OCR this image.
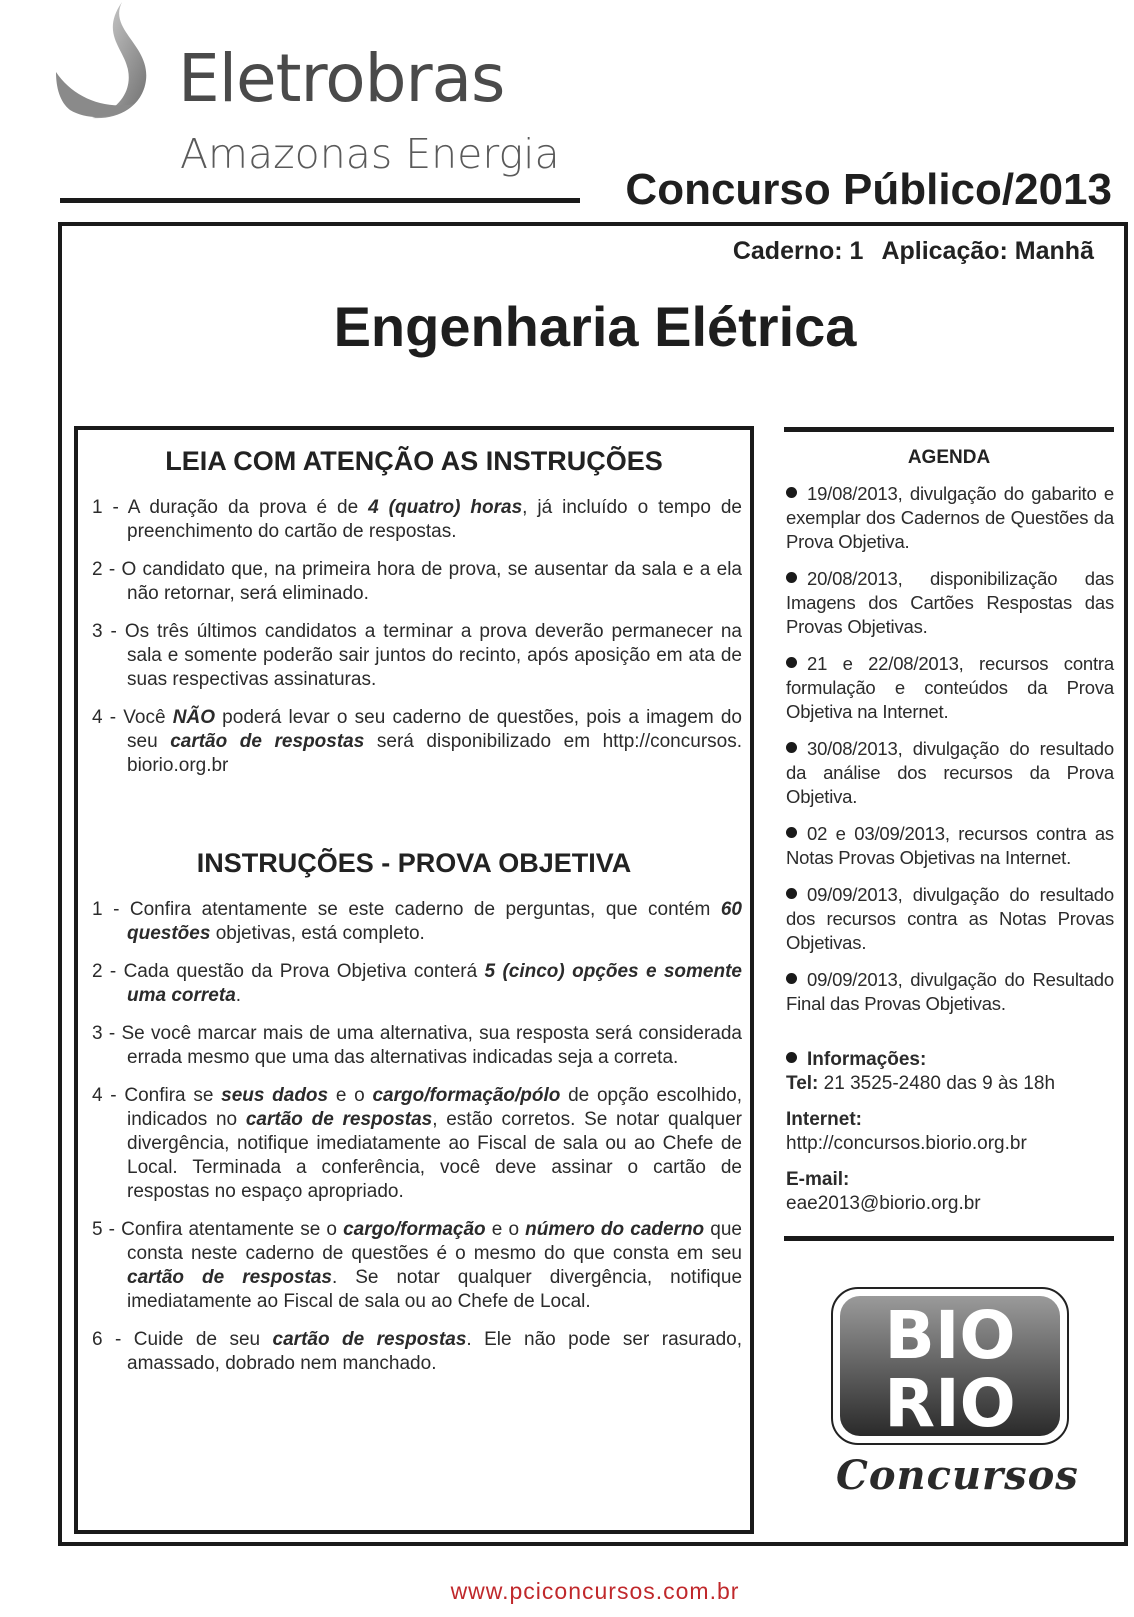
Eletrobras
Amazonas Energia
Concurso Público/2013
Caderno: 1 Aplicação: Manhã
Engenharia Elétrica
LEIA COM ATENÇÃO AS INSTRUÇÕES
1 - A duração da prova é de 4 (quatro) horas, já incluído o tempo de preenchimento do cartão de respostas.
2 - O candidato que, na primeira hora de prova, se ausentar da sala e a ela não retornar, será eliminado.
3 - Os três últimos candidatos a terminar a prova deverão permanecer na sala e somente poderão sair juntos do recinto, após aposição em ata de suas respectivas assinaturas.
4 - Você NÃO poderá levar o seu caderno de questões, pois a imagem do seu cartão de respostas será disponibilizado em http://concursos. biorio.org.br
INSTRUÇÕES - PROVA OBJETIVA
1 - Confira atentamente se este caderno de perguntas, que contém 60 questões objetivas, está completo.
2 - Cada questão da Prova Objetiva conterá 5 (cinco) opções e somente uma correta.
3 - Se você marcar mais de uma alternativa, sua resposta será considerada errada mesmo que uma das alternativas indicadas seja a correta.
4 - Confira se seus dados e o cargo/formação/pólo de opção escolhido, indicados no cartão de respostas, estão corretos. Se notar qualquer divergência, notifique imediatamente ao Fiscal de sala ou ao Chefe de Local. Terminada a conferência, você deve assinar o cartão de respostas no espaço apropriado.
5 - Confira atentamente se o cargo/formação e o número do caderno que consta neste caderno de questões é o mesmo do que consta em seu cartão de respostas. Se notar qualquer divergência, notifique imediatamente ao Fiscal de sala ou ao Chefe de Local.
6 - Cuide de seu cartão de respostas. Ele não pode ser rasurado, amassado, dobrado nem manchado.
AGENDA
19/08/2013, divulgação do gabarito e exemplar dos Cadernos de Questões da Prova Objetiva.
20/08/2013, disponibilização das Imagens dos Cartões Respostas das Provas Objetivas.
21 e 22/08/2013, recursos contra formulação e conteúdos da Prova Objetiva na Internet.
30/08/2013, divulgação do resultado da análise dos recursos da Prova Objetiva.
02 e 03/09/2013, recursos contra as Notas Provas Objetivas na Internet.
09/09/2013, divulgação do resultado dos recursos contra as Notas Provas Objetivas.
09/09/2013, divulgação do Resultado Final das Provas Objetivas.
Informações:
Tel: 21 3525-2480 das 9 às 18h
Internet:
http://concursos.biorio.org.br
E-mail:
eae2013@biorio.org.br
BIO
RIO
Concursos
www.pciconcursos.com.br
